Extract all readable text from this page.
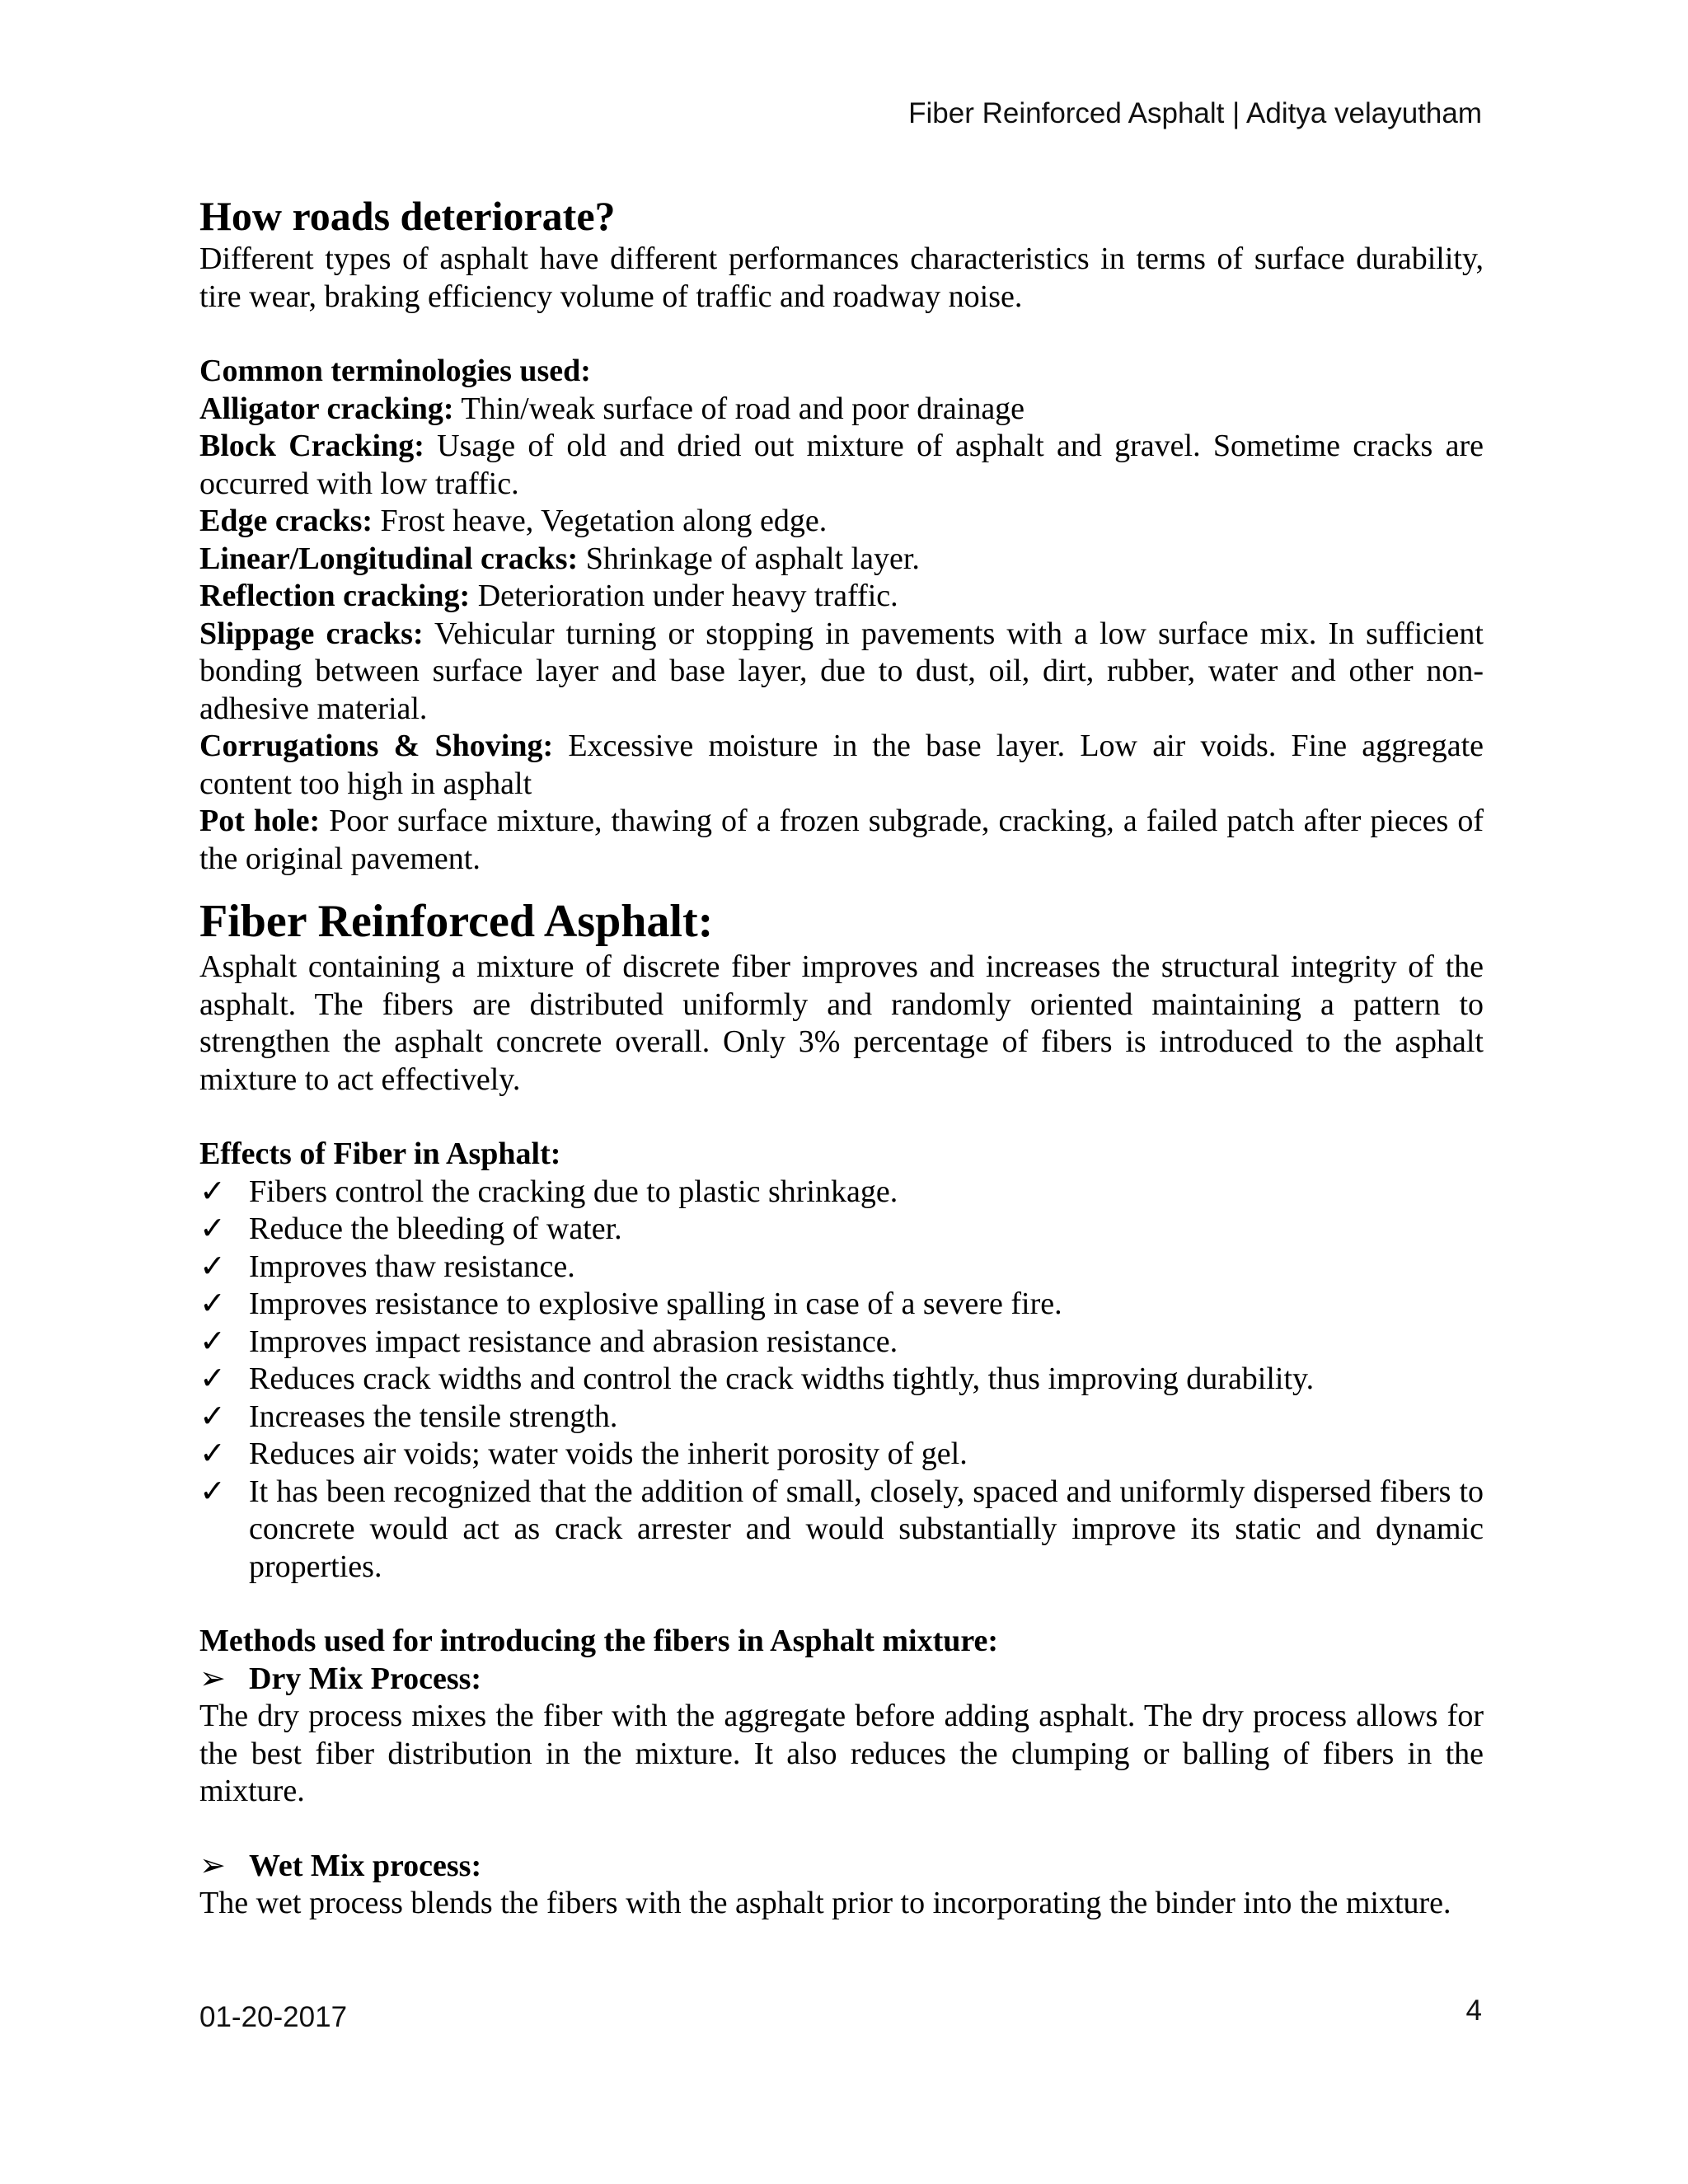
Fiber Reinforced Asphalt | Aditya velayutham
How roads deteriorate?

Different types of asphalt have different performances characteristics in terms of surface durability, tire wear, braking efficiency volume of traffic and roadway noise.

Common terminologies used:

Alligator cracking: Thin/weak surface of road and poor drainage

Block Cracking: Usage of old and dried out mixture of asphalt and gravel. Sometime cracks are occurred with low traffic.

Edge cracks: Frost heave, Vegetation along edge.

Linear/Longitudinal cracks: Shrinkage of asphalt layer.

Reflection cracking: Deterioration under heavy traffic.

Slippage cracks: Vehicular turning or stopping in pavements with a low surface mix. In sufficient bonding between surface layer and base layer, due to dust, oil, dirt, rubber, water and other non-adhesive material.

Corrugations & Shoving: Excessive moisture in the base layer. Low air voids. Fine aggregate content too high in asphalt

Pot hole: Poor surface mixture, thawing of a frozen subgrade, cracking, a failed patch after pieces of the original pavement.

Fiber Reinforced Asphalt:

Asphalt containing a mixture of discrete fiber improves and increases the structural integrity of the asphalt. The fibers are distributed uniformly and randomly oriented maintaining a pattern to strengthen the asphalt concrete overall. Only 3% percentage of fibers is introduced to the asphalt mixture to act effectively.

Effects of Fiber in Asphalt:

✓ Fibers control the cracking due to plastic shrinkage.
✓ Reduce the bleeding of water.
✓ Improves thaw resistance.
✓ Improves resistance to explosive spalling in case of a severe fire.
✓ Improves impact resistance and abrasion resistance.
✓ Reduces crack widths and control the crack widths tightly, thus improving durability.
✓ Increases the tensile strength.
✓ Reduces air voids; water voids the inherit porosity of gel.
✓ It has been recognized that the addition of small, closely, spaced and uniformly dispersed fibers to concrete would act as crack arrester and would substantially improve its static and dynamic properties.

Methods used for introducing the fibers in Asphalt mixture:

➢ Dry Mix Process:

The dry process mixes the fiber with the aggregate before adding asphalt. The dry process allows for the best fiber distribution in the mixture. It also reduces the clumping or balling of fibers in the mixture.

➢ Wet Mix process:

The wet process blends the fibers with the asphalt prior to incorporating the binder into the mixture.

01-20-2017	4
